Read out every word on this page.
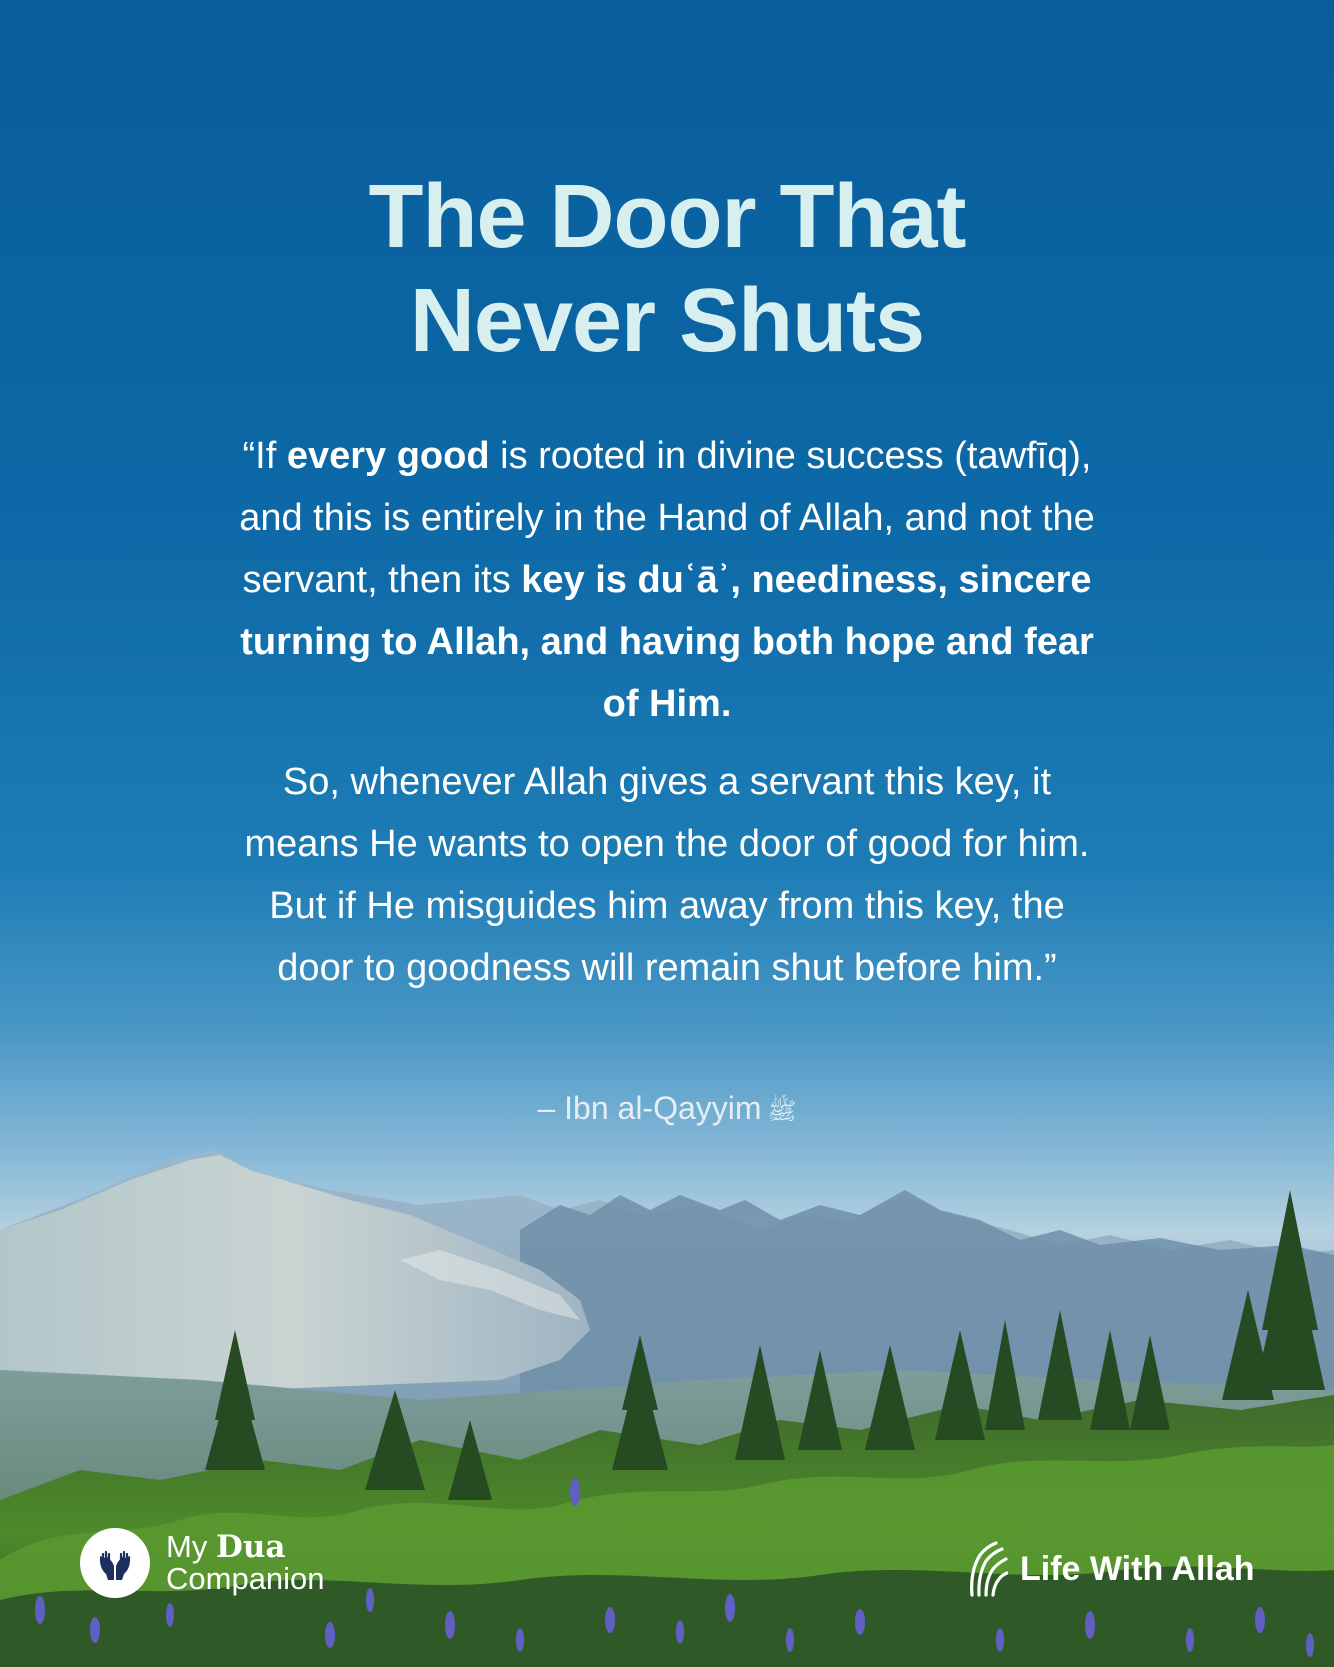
The Door That
Never Shuts

“If every good is rooted in divine success (tawfīq), and this is entirely in the Hand of Allah, and not the servant, then its key is duʿāʾ, neediness, sincere turning to Allah, and having both hope and fear of Him.

So, whenever Allah gives a servant this key, it means He wants to open the door of good for him. But if He misguides him away from this key, the door to goodness will remain shut before him.”

– Ibn al-Qayyim ﷺ
My Dua
Companion	Life With Allah
